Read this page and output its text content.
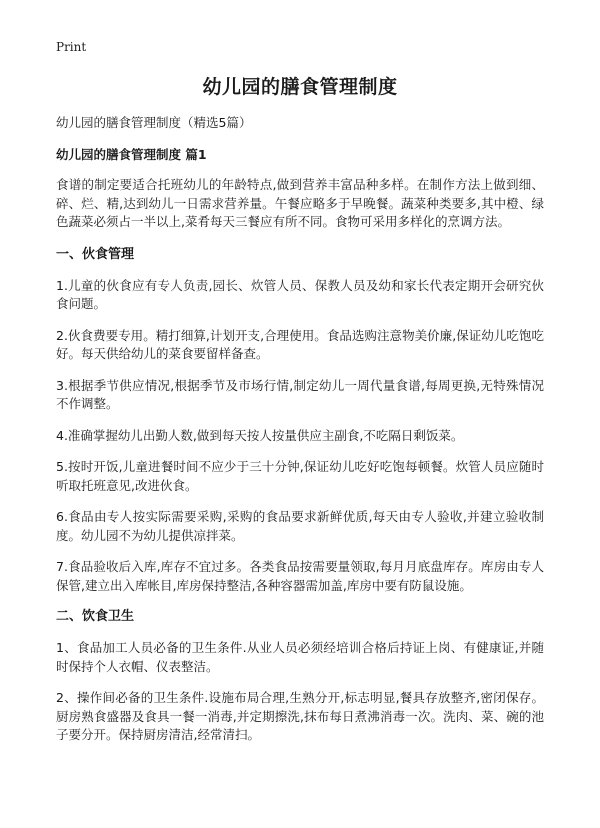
Print
幼儿园的膳食管理制度
幼儿园的膳食管理制度（精选5篇）
幼儿园的膳食管理制度 篇1
食谱的制定要适合托班幼儿的年龄特点,做到营养丰富品种多样。在制作方法上做到细、碎、烂、精,达到幼儿一日需求营养量。午餐应略多于早晚餐。蔬菜种类要多,其中橙、绿色蔬菜必须占一半以上,菜肴每天三餐应有所不同。食物可采用多样化的烹调方法。
一、伙食管理
1.儿童的伙食应有专人负责,园长、炊管人员、保教人员及幼和家长代表定期开会研究伙食问题。
2.伙食费要专用。精打细算,计划开支,合理使用。食品选购注意物美价廉,保证幼儿吃饱吃好。每天供给幼儿的菜食要留样备查。
3.根据季节供应情况,根据季节及市场行情,制定幼儿一周代量食谱,每周更换,无特殊情况不作调整。
4.准确掌握幼儿出勤人数,做到每天按人按量供应主副食,不吃隔日剩饭菜。
5.按时开饭,儿童进餐时间不应少于三十分钟,保证幼儿吃好吃饱每顿餐。炊管人员应随时听取托班意见,改进伙食。
6.食品由专人按实际需要采购,采购的食品要求新鲜优质,每天由专人验收,并建立验收制度。幼儿园不为幼儿提供凉拌菜。
7.食品验收后入库,库存不宜过多。各类食品按需要量领取,每月月底盘库存。库房由专人保管,建立出入库帐目,库房保持整洁,各种容器需加盖,库房中要有防鼠设施。
二、饮食卫生
1、食品加工人员必备的卫生条件.从业人员必须经培训合格后持证上岗、有健康证,并随时保持个人衣帽、仪表整洁。
2、操作间必备的卫生条件.设施布局合理,生熟分开,标志明显,餐具存放整齐,密闭保存。厨房熟食盛器及食具一餐一消毒,并定期擦洗,抹布每日煮沸消毒一次。洗肉、菜、碗的池子要分开。保持厨房清洁,经常清扫。
